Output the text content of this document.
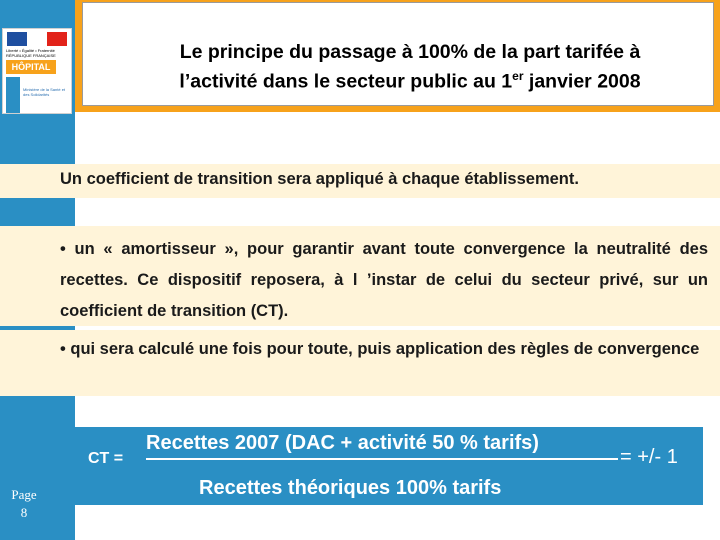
Liberté • Égalité • Fraternité RÉPUBLIQUE FRANÇAISE
HÔPITAL 2007
Ministère de la Santé et des Solidarités
Le principe du passage à 100% de la part tarifée à
l’activité dans le secteur public au 1er janvier 2008

Un coefficient de transition sera appliqué à chaque établissement.

• un « amortisseur », pour garantir avant toute convergence la neutralité des recettes. Ce dispositif reposera, à l ’instar de celui du secteur privé, sur un coefficient de transition (CT).

• qui sera calculé une fois pour toute, puis application des règles de convergence

CT =
Recettes 2007 (DAC + activité 50 % tarifs)
Recettes théoriques 100% tarifs
= +/- 1
Page
8
